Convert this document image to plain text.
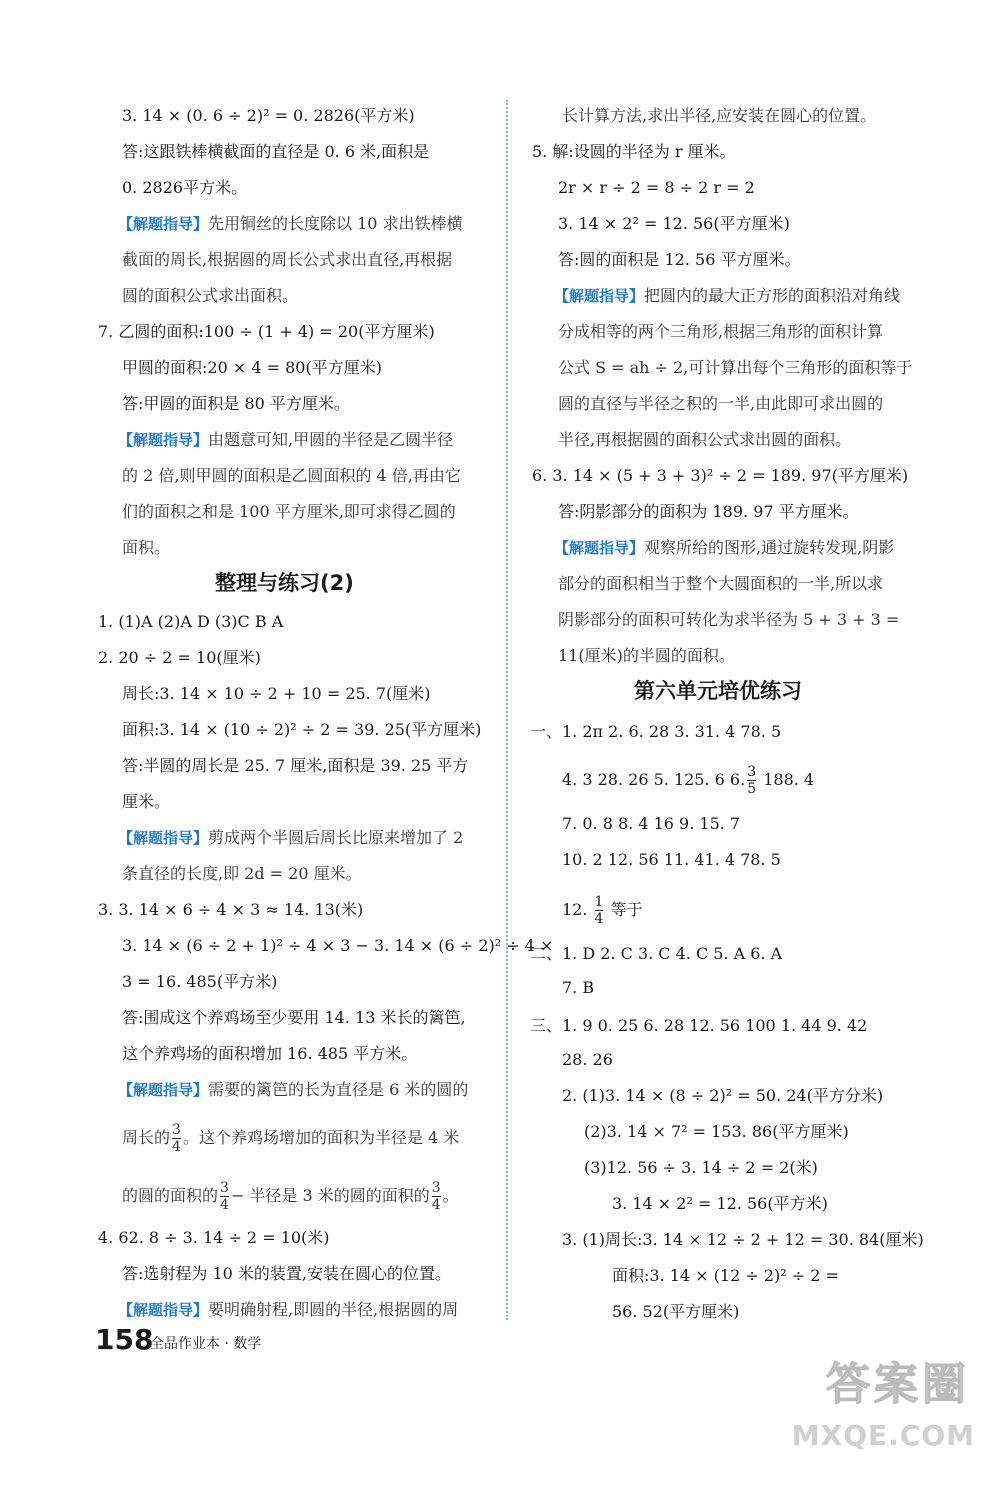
3. 14 × (0. 6 ÷ 2)² = 0. 2826(平方米)
答:这跟铁棒横截面的直径是 0. 6 米,面积是
0. 2826平方米。
【解题指导】先用铜丝的长度除以 10 求出铁棒横
截面的周长,根据圆的周长公式求出直径,再根据
圆的面积公式求出面积。
7. 乙圆的面积:100 ÷ (1 + 4) = 20(平方厘米)
甲圆的面积:20 × 4 = 80(平方厘米)
答:甲圆的面积是 80 平方厘米。
【解题指导】由题意可知,甲圆的半径是乙圆半径
的 2 倍,则甲圆的面积是乙圆面积的 4 倍,再由它
们的面积之和是 100 平方厘米,即可求得乙圆的
面积。
整理与练习(2)
1. (1)A (2)A D (3)C B A
2. 20 ÷ 2 = 10(厘米)
周长:3. 14 × 10 ÷ 2 + 10 = 25. 7(厘米)
面积:3. 14 × (10 ÷ 2)² ÷ 2 = 39. 25(平方厘米)
答:半圆的周长是 25. 7 厘米,面积是 39. 25 平方
厘米。
【解题指导】剪成两个半圆后周长比原来增加了 2
条直径的长度,即 2d = 20 厘米。
3. 3. 14 × 6 ÷ 4 × 3 ≈ 14. 13(米)
3. 14 × (6 ÷ 2 + 1)² ÷ 4 × 3 − 3. 14 × (6 ÷ 2)² ÷ 4 ×
3 = 16. 485(平方米)
答:围成这个养鸡场至少要用 14. 13 米长的篱笆,
这个养鸡场的面积增加 16. 485 平方米。
【解题指导】需要的篱笆的长为直径是 6 米的圆的
周长的 $\frac{3}{4}$ 。这个养鸡场增加的面积为半径是 4 米
的圆的面积的 $\frac{3}{4}$ − 半径是 3 米的圆的面积的 $\frac{3}{4}$ 。
4. 62. 8 ÷ 3. 14 ÷ 2 = 10(米)
答:选射程为 10 米的装置,安装在圆心的位置。
【解题指导】要明确射程,即圆的半径,根据圆的周
长计算方法,求出半径,应安装在圆心的位置。
5. 解:设圆的半径为 r 厘米。
2r × r ÷ 2 = 8 ÷ 2 r = 2
3. 14 × 2² = 12. 56(平方厘米)
答:圆的面积是 12. 56 平方厘米。
【解题指导】把圆内的最大正方形的面积沿对角线
分成相等的两个三角形,根据三角形的面积计算
公式 S = ah ÷ 2,可计算出每个三角形的面积等于
圆的直径与半径之积的一半,由此即可求出圆的
半径,再根据圆的面积公式求出圆的面积。
6. 3. 14 × (5 + 3 + 3)² ÷ 2 = 189. 97(平方厘米)
答:阴影部分的面积为 189. 97 平方厘米。
【解题指导】观察所给的图形,通过旋转发现,阴影
部分的面积相当于整个大圆面积的一半,所以求
阴影部分的面积可转化为求半径为 5 + 3 + 3 =
11(厘米)的半圆的面积。
第六单元培优练习
一、1. 2π 2. 6. 28 3. 31. 4 78. 5
4. 3 28. 26 5. 125. 6 6. $\frac{3}{5} 188$. 4
7. 0. 8 8. 4 16 9. 15. 7
10. 2 12. 56 11. 41. 4 78. 5
12. $\frac{1}{4}$ 等于
二、1. D 2. C 3. C 4. C 5. A 6. A
7. B
三、1. 9 0. 25 6. 28 12. 56 100 1. 44 9. 42
28. 26
2. (1)3. 14 × (8 ÷ 2)² = 50. 24(平方分米)
(2)3. 14 × 7² = 153. 86(平方厘米)
(3)12. 56 ÷ 3. 14 ÷ 2 = 2(米)
3. 14 × 2² = 12. 56(平方米)
3. (1)周长:3. 14 × 12 ÷ 2 + 12 = 30. 84(厘米)
面积:3. 14 × (12 ÷ 2)² ÷ 2 =
56. 52(平方厘米)
158
全品作业本 · 数学
答案圈
MXQE.COM
